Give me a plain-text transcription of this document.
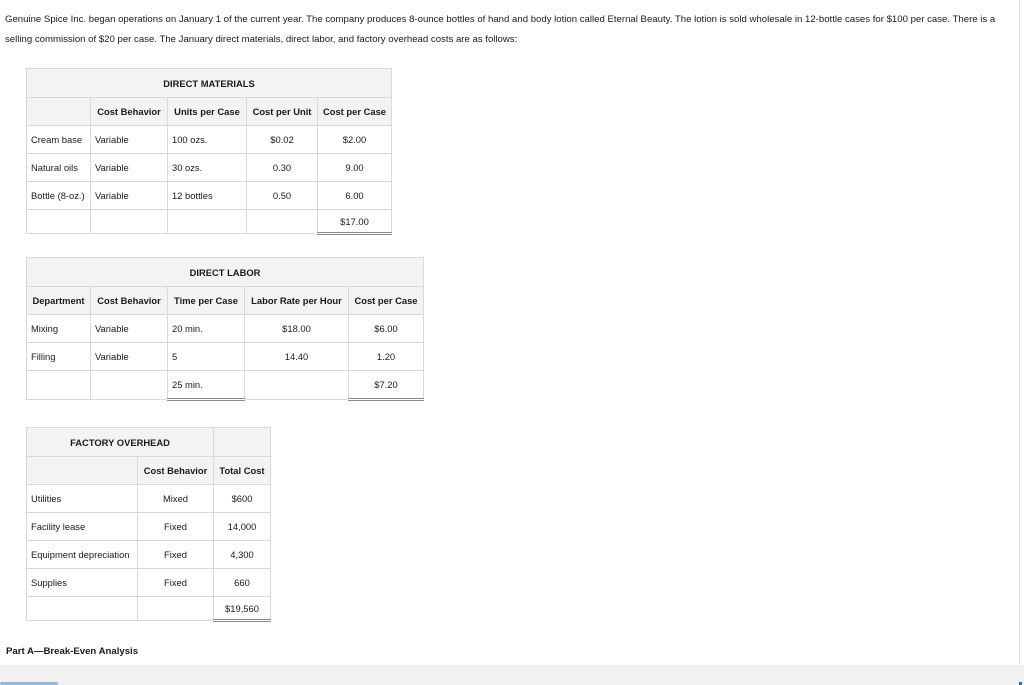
Genuine Spice Inc. began operations on January 1 of the current year. The company produces 8-ounce bottles of hand and body lotion called Eternal Beauty. The lotion is sold wholesale in 12-bottle cases for $100 per case. There is a selling commission of $20 per case. The January direct materials, direct labor, and factory overhead costs are as follows:

DIRECT MATERIALS				
	Cost Behavior	Units per Case	Cost per Unit	Cost per Case
Cream base	Variable	100 ozs.	$0.02	$2.00
Natural oils	Variable	30 ozs.	0.30	9.00
Bottle (8-oz.)	Variable	12 bottles	0.50	6.00
				$17.00
DIRECT LABOR				
Department	Cost Behavior	Time per Case	Labor Rate per Hour	Cost per Case
Mixing	Variable	20 min.	$18.00	$6.00
Filling	Variable	5	14.40	1.20
		25 min.		$7.20
FACTORY OVERHEAD		
	Cost Behavior	Total Cost
Utilities	Mixed	$600
Facility lease	Fixed	14,000
Equipment depreciation	Fixed	4,300
Supplies	Fixed	660
		$19,560
Part A—Break-Even Analysis
